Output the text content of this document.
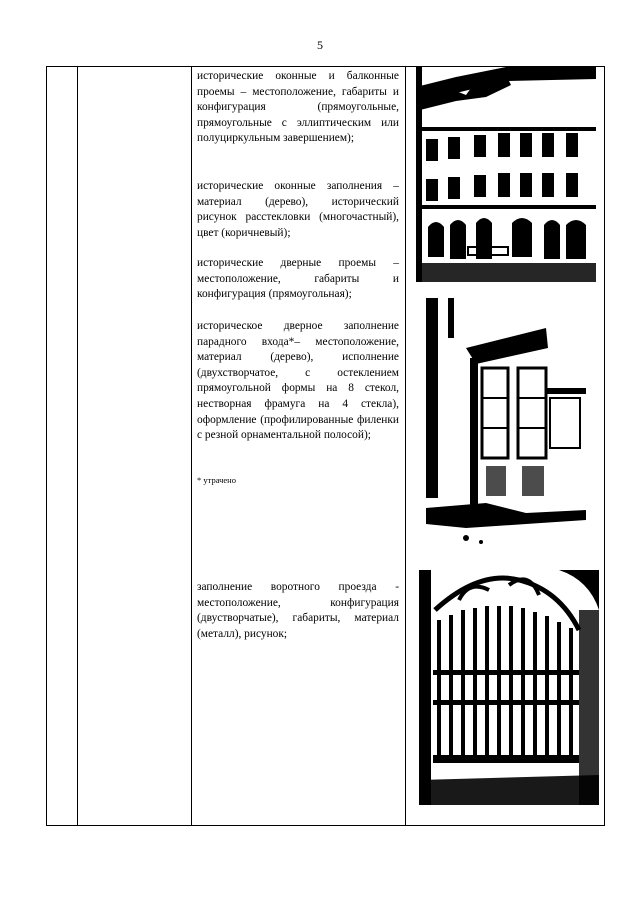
5
исторические оконные и балконные проемы – местоположение, габариты и конфигурация (прямоугольные, прямоугольные с эллиптическим или полуциркульным завершением);
исторические оконные заполнения – материал (дерево), исторический рисунок расстекловки (многочастный), цвет (коричневый);
исторические дверные проемы – местоположение, габариты и конфигурация (прямоугольная);
историческое дверное заполнение парадного входа*– местоположение, материал (дерево), исполнение (двухстворчатое, с остеклением прямоугольной формы на 8 стекол, нестворная фрамуга на 4 стекла), оформление (профилированные филенки с резной орнаментальной полосой);
* утрачено
заполнение воротного проезда - местоположение, конфигурация (двустворчатые), габариты, материал (металл), рисунок;
